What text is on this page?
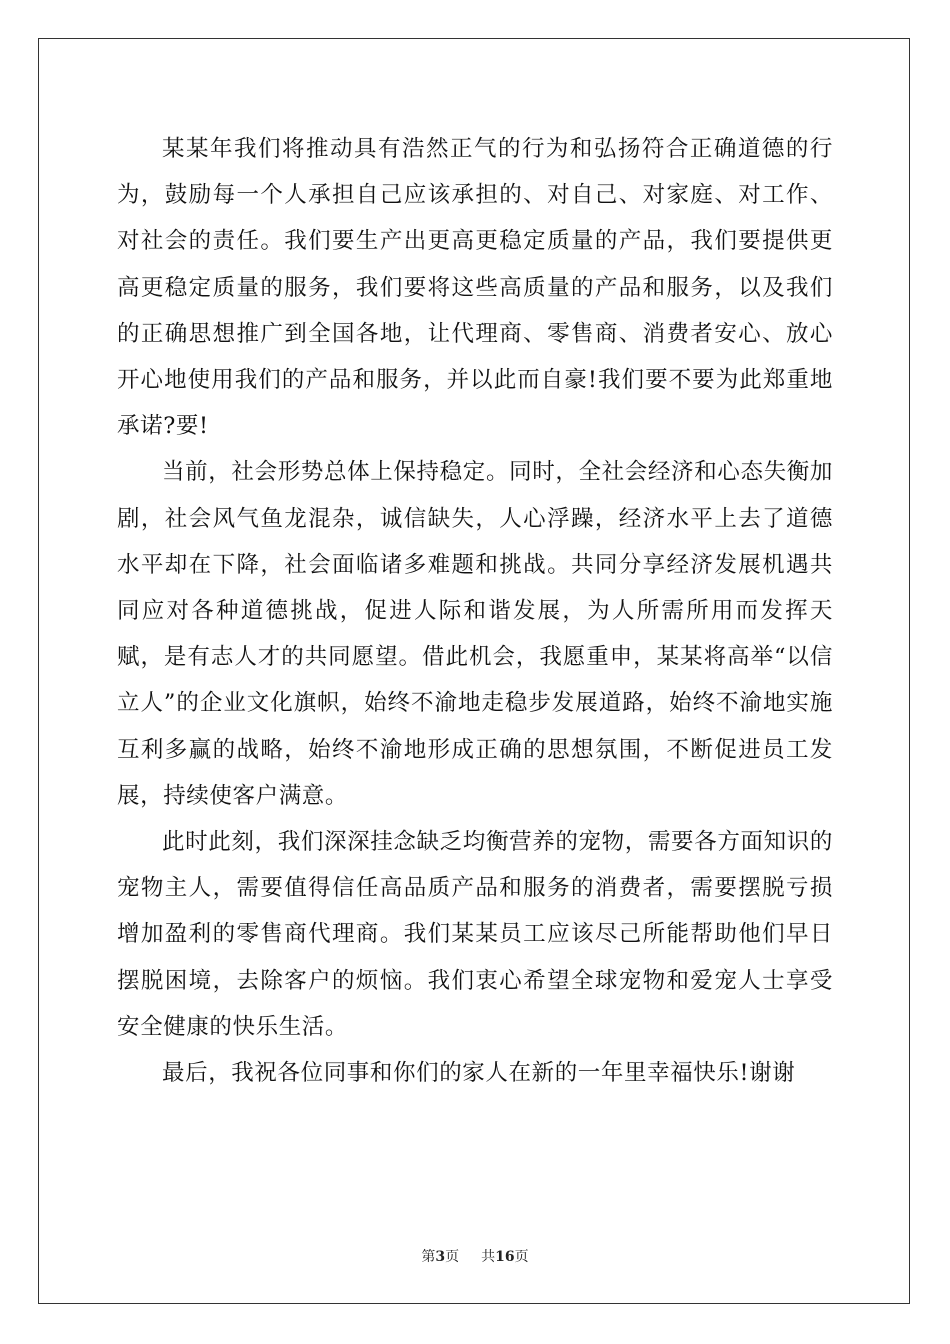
某某年我们将推动具有浩然正气的行为和弘扬符合正确道德的行为，鼓励每一个人承担自己应该承担的、对自己、对家庭、对工作、对社会的责任。我们要生产出更高更稳定质量的产品，我们要提供更高更稳定质量的服务，我们要将这些高质量的产品和服务，以及我们的正确思想推广到全国各地，让代理商、零售商、消费者安心、放心开心地使用我们的产品和服务，并以此而自豪!我们要不要为此郑重地承诺?要!

当前，社会形势总体上保持稳定。同时，全社会经济和心态失衡加剧，社会风气鱼龙混杂，诚信缺失，人心浮躁，经济水平上去了道德水平却在下降，社会面临诸多难题和挑战。共同分享经济发展机遇共同应对各种道德挑战，促进人际和谐发展，为人所需所用而发挥天赋，是有志人才的共同愿望。借此机会，我愿重申，某某将高举“以信立人”的企业文化旗帜，始终不渝地走稳步发展道路，始终不渝地实施互利多赢的战略，始终不渝地形成正确的思想氛围，不断促进员工发展，持续使客户满意。

此时此刻，我们深深挂念缺乏均衡营养的宠物，需要各方面知识的宠物主人，需要值得信任高品质产品和服务的消费者，需要摆脱亏损增加盈利的零售商代理商。我们某某员工应该尽己所能帮助他们早日摆脱困境，去除客户的烦恼。我们衷心希望全球宠物和爱宠人士享受安全健康的快乐生活。

最后，我祝各位同事和你们的家人在新的一年里幸福快乐!谢谢

第3页 共16页
